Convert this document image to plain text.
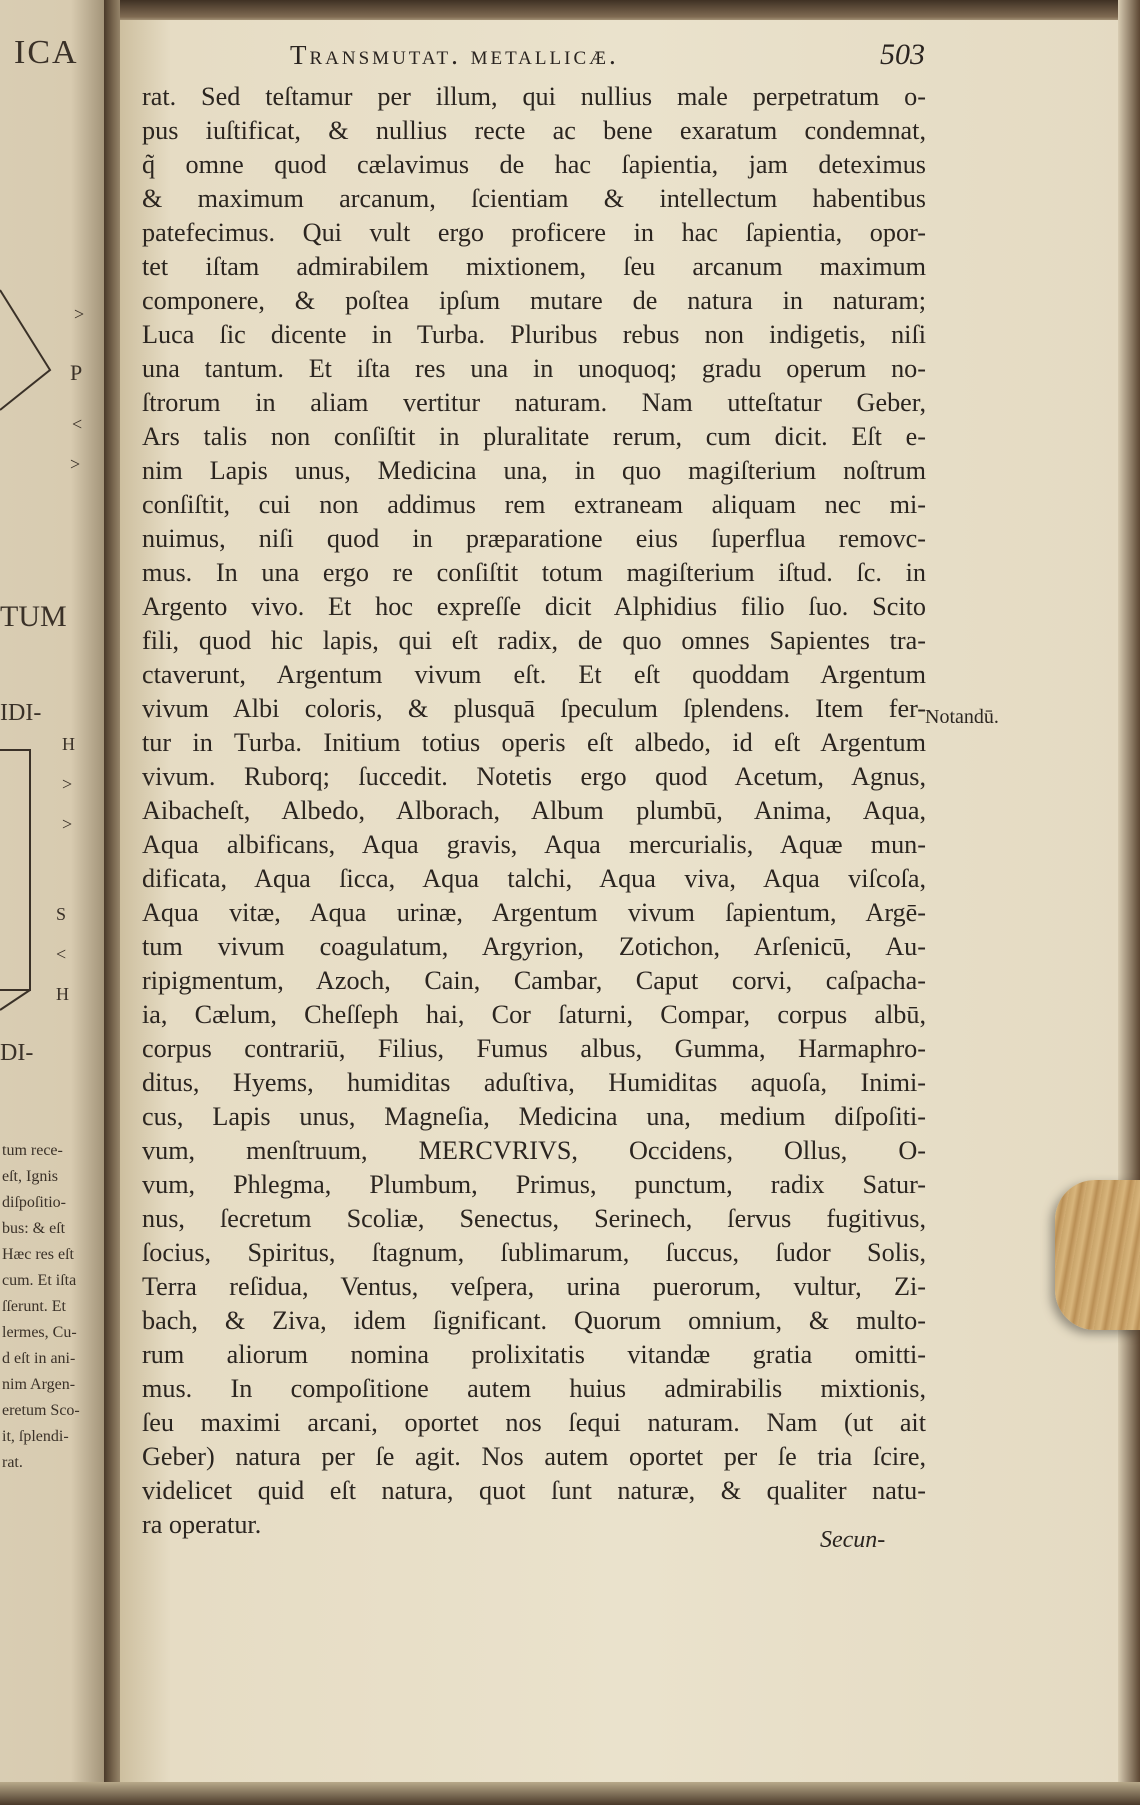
ICA
>
P
<
>
H
>
>
S
<
H
TUM
IDI-
DI-
tum rece-
eſt, Ignis
diſpoſitio-
bus: & eſt
Hæc res eſt
cum. Et iſta
ſſerunt. Et
lermes, Cu-
d eſt in ani-
nim Argen-
eretum Sco-
it, ſplendi-
rat.
Transmutat. metallicæ.	503
Notandū.
rat. Sed teſtamur per illum, qui nullius male perpetratum o-
pus iuſtificat, & nullius recte ac bene exaratum condemnat,
q̃ omne quod cælavimus de hac ſapientia, jam deteximus
& maximum arcanum, ſcientiam & intellectum habentibus
patefecimus. Qui vult ergo proficere in hac ſapientia, opor-
tet iſtam admirabilem mixtionem, ſeu arcanum maximum
componere, & poſtea ipſum mutare de natura in naturam;
Luca ſic dicente in Turba. Pluribus rebus non indigetis, niſi
una tantum. Et iſta res una in unoquoq; gradu operum no-
ſtrorum in aliam vertitur naturam. Nam utteſtatur Geber,
Ars talis non conſiſtit in pluralitate rerum, cum dicit. Eſt e-
nim Lapis unus, Medicina una, in quo magiſterium noſtrum
conſiſtit, cui non addimus rem extraneam aliquam nec mi-
nuimus, niſi quod in præparatione eius ſuperflua removc-
mus. In una ergo re conſiſtit totum magiſterium iſtud. ſc. in
Argento vivo. Et hoc expreſſe dicit Alphidius filio ſuo. Scito
fili, quod hic lapis, qui eſt radix, de quo omnes Sapientes tra-
ctaverunt, Argentum vivum eſt. Et eſt quoddam Argentum
vivum Albi coloris, & plusquā ſpeculum ſplendens. Item fer-
tur in Turba. Initium totius operis eſt albedo, id eſt Argentum
vivum. Ruborq; ſuccedit. Notetis ergo quod Acetum, Agnus,
Aibacheſt, Albedo, Alborach, Album plumbū, Anima, Aqua,
Aqua albificans, Aqua gravis, Aqua mercurialis, Aquæ mun-
dificata, Aqua ſicca, Aqua talchi, Aqua viva, Aqua viſcoſa,
Aqua vitæ, Aqua urinæ, Argentum vivum ſapientum, Argē-
tum vivum coagulatum, Argyrion, Zotichon, Arſenicū, Au-
ripigmentum, Azoch, Cain, Cambar, Caput corvi, caſpacha-
ia, Cælum, Cheſſeph hai, Cor ſaturni, Compar, corpus albū,
corpus contrariū, Filius, Fumus albus, Gumma, Harmaphro-
ditus, Hyems, humiditas aduſtiva, Humiditas aquoſa, Inimi-
cus, Lapis unus, Magneſia, Medicina una, medium diſpoſiti-
vum, menſtruum, MERCVRIVS, Occidens, Ollus, O-
vum, Phlegma, Plumbum, Primus, punctum, radix Satur-
nus, ſecretum Scoliæ, Senectus, Serinech, ſervus fugitivus,
ſocius, Spiritus, ſtagnum, ſublimarum, ſuccus, ſudor Solis,
Terra reſidua, Ventus, veſpera, urina puerorum, vultur, Zi-
bach, & Ziva, idem ſignificant. Quorum omnium, & multo-
rum aliorum nomina prolixitatis vitandæ gratia omitti-
mus. In compoſitione autem huius admirabilis mixtionis,
ſeu maximi arcani, oportet nos ſequi naturam. Nam (ut ait
Geber) natura per ſe agit. Nos autem oportet per ſe tria ſcire,
videlicet quid eſt natura, quot ſunt naturæ, & qualiter natu-
ra operatur.
Secun-
